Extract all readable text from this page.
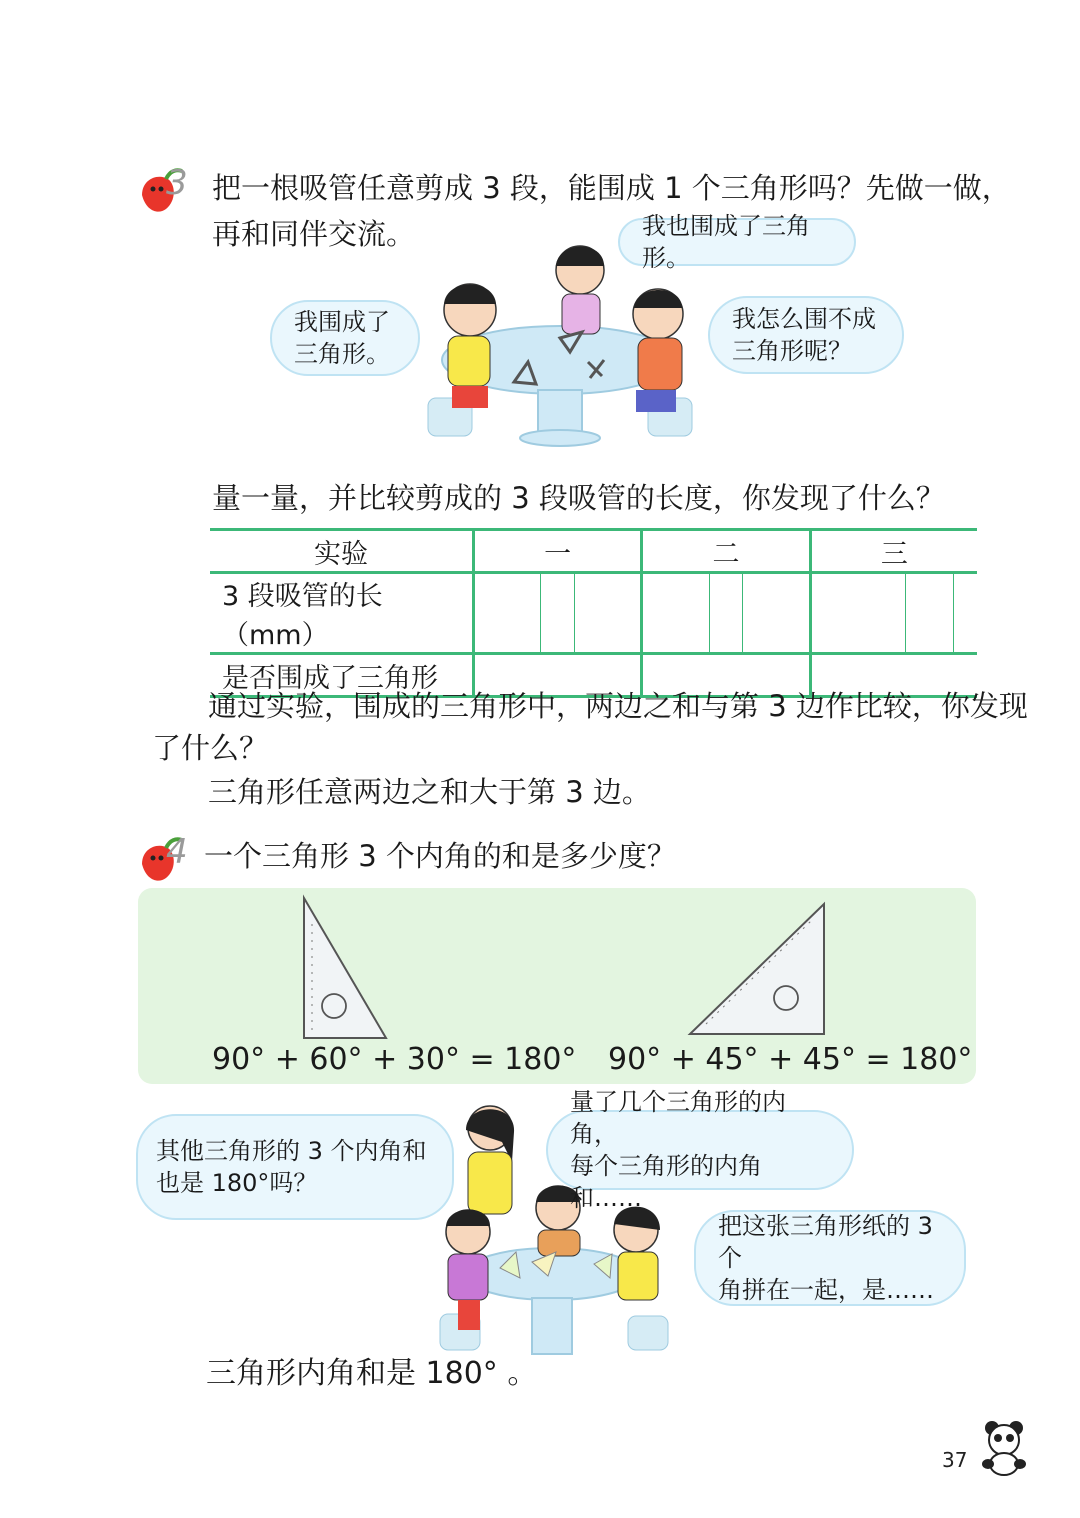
3 把一根吸管任意剪成 3 段，能围成 1 个三角形吗？先做一做，
再和同伴交流。	我也围成了三角形。
我围成了
三角形。
我怎么围不成
三角形呢？
量一量，并比较剪成的 3 段吸管的长度，你发现了什么？
实验	一			二			三		
3 段吸管的长（mm）									
是否围成了三角形									
通过实验，围成的三角形中，两边之和与第 3 边作比较，你发现
了什么？
三角形任意两边之和大于第 3 边。
4 一个三角形 3 个内角的和是多少度？
90° + 60° + 30° = 180° 90° + 45° + 45° = 180°
其他三角形的 3 个内角和
也是 180°吗？
量了几个三角形的内角，
每个三角形的内角和……
把这张三角形纸的 3 个
角拼在一起，是……
三角形内角和是 180° 。
37
